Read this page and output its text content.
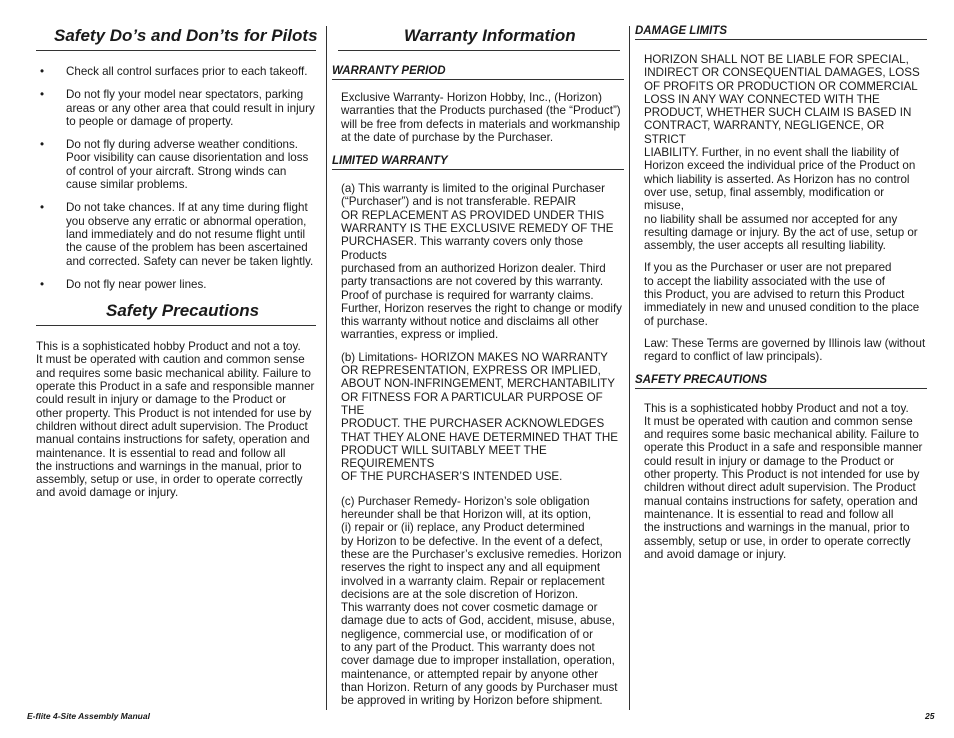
Safety Do’s and Don’ts for Pilots
• Check all control surfaces prior to each takeoff.
• Do not fly your model near spectators, parking
areas or any other area that could result in injury
to people or damage of property.
• Do not fly during adverse weather conditions.
Poor visibility can cause disorientation and loss
of control of your aircraft. Strong winds can
cause similar problems.
• Do not take chances. If at any time during flight
you observe any erratic or abnormal operation,
land immediately and do not resume flight until
the cause of the problem has been ascertained
and corrected. Safety can never be taken lightly.
• Do not fly near power lines.
Safety Precautions

This is a sophisticated hobby Product and not a toy.
It must be operated with caution and common sense
and requires some basic mechanical ability. Failure to
operate this Product in a safe and responsible manner
could result in injury or damage to the Product or
other property. This Product is not intended for use by
children without direct adult supervision. The Product
manual contains instructions for safety, operation and
maintenance. It is essential to read and follow all
the instructions and warnings in the manual, prior to
assembly, setup or use, in order to operate correctly
and avoid damage or injury.

Warranty Information
WARRANTY PERIOD

Exclusive Warranty- Horizon Hobby, Inc., (Horizon)
warranties that the Products purchased (the “Product”)
will be free from defects in materials and workmanship
at the date of purchase by the Purchaser.

LIMITED WARRANTY

(a) This warranty is limited to the original Purchaser
(“Purchaser”) and is not transferable. REPAIR
OR REPLACEMENT AS PROVIDED UNDER THIS
WARRANTY IS THE EXCLUSIVE REMEDY OF THE
PURCHASER. This warranty covers only those Products
purchased from an authorized Horizon dealer. Third
party transactions are not covered by this warranty.
Proof of purchase is required for warranty claims.
Further, Horizon reserves the right to change or modify
this warranty without notice and disclaims all other
warranties, express or implied.

(b) Limitations- HORIZON MAKES NO WARRANTY
OR REPRESENTATION, EXPRESS OR IMPLIED,
ABOUT NON-INFRINGEMENT, MERCHANTABILITY
OR FITNESS FOR A PARTICULAR PURPOSE OF THE
PRODUCT. THE PURCHASER ACKNOWLEDGES
THAT THEY ALONE HAVE DETERMINED THAT THE
PRODUCT WILL SUITABLY MEET THE REQUIREMENTS
OF THE PURCHASER’S INTENDED USE.

(c) Purchaser Remedy- Horizon’s sole obligation
hereunder shall be that Horizon will, at its option,
(i) repair or (ii) replace, any Product determined
by Horizon to be defective. In the event of a defect,
these are the Purchaser’s exclusive remedies. Horizon
reserves the right to inspect any and all equipment
involved in a warranty claim. Repair or replacement
decisions are at the sole discretion of Horizon.
This warranty does not cover cosmetic damage or
damage due to acts of God, accident, misuse, abuse,
negligence, commercial use, or modification of or
to any part of the Product. This warranty does not
cover damage due to improper installation, operation,
maintenance, or attempted repair by anyone other
than Horizon. Return of any goods by Purchaser must
be approved in writing by Horizon before shipment.

DAMAGE LIMITS

HORIZON SHALL NOT BE LIABLE FOR SPECIAL,
INDIRECT OR CONSEQUENTIAL DAMAGES, LOSS
OF PROFITS OR PRODUCTION OR COMMERCIAL
LOSS IN ANY WAY CONNECTED WITH THE
PRODUCT, WHETHER SUCH CLAIM IS BASED IN
CONTRACT, WARRANTY, NEGLIGENCE, OR STRICT
LIABILITY. Further, in no event shall the liability of
Horizon exceed the individual price of the Product on
which liability is asserted. As Horizon has no control
over use, setup, final assembly, modification or misuse,
no liability shall be assumed nor accepted for any
resulting damage or injury. By the act of use, setup or
assembly, the user accepts all resulting liability.

If you as the Purchaser or user are not prepared
to accept the liability associated with the use of
this Product, you are advised to return this Product
immediately in new and unused condition to the place
of purchase.

Law: These Terms are governed by Illinois law (without
regard to conflict of law principals).

SAFETY PRECAUTIONS

This is a sophisticated hobby Product and not a toy.
It must be operated with caution and common sense
and requires some basic mechanical ability. Failure to
operate this Product in a safe and responsible manner
could result in injury or damage to the Product or
other property. This Product is not intended for use by
children without direct adult supervision. The Product
manual contains instructions for safety, operation and
maintenance. It is essential to read and follow all
the instructions and warnings in the manual, prior to
assembly, setup or use, in order to operate correctly
and avoid damage or injury.

E-flite 4-Site Assembly Manual	25
